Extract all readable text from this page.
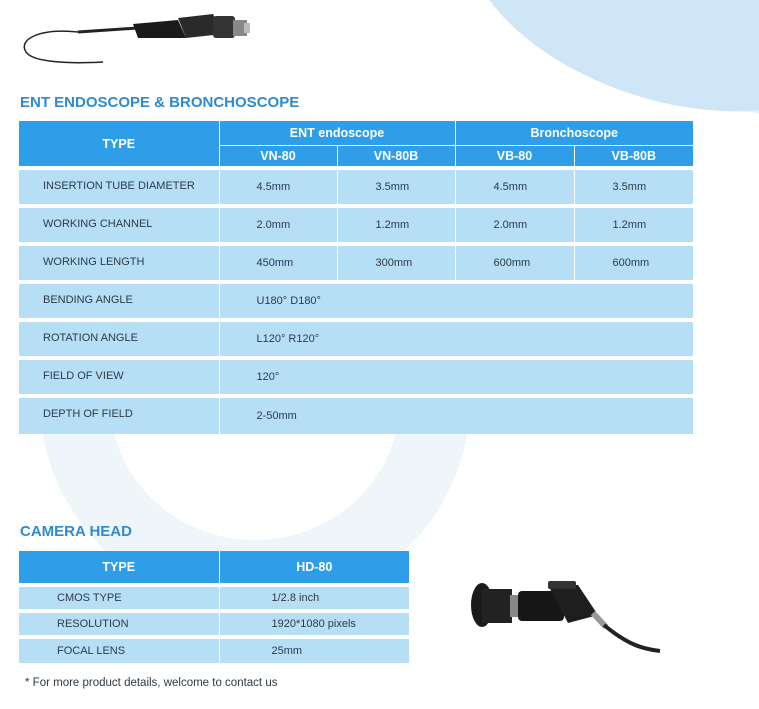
ENT ENDOSCOPE & BRONCHOSCOPE
TYPE	ENT endoscope		Bronchoscope	
	VN-80	VN-80B	VB-80	VB-80B
INSERTION TUBE DIAMETER	4.5mm	3.5mm	4.5mm	3.5mm
WORKING CHANNEL	2.0mm	1.2mm	2.0mm	1.2mm
WORKING LENGTH	450mm	300mm	600mm	600mm
BENDING ANGLE	U180° D180°			
ROTATION ANGLE	L120° R120°			
FIELD OF VIEW	120°			
DEPTH OF FIELD	2-50mm			
CAMERA HEAD
TYPE	HD-80
CMOS TYPE	1/2.8 inch
RESOLUTION	1920*1080 pixels
FOCAL LENS	25mm

* For more product details, welcome to contact us
